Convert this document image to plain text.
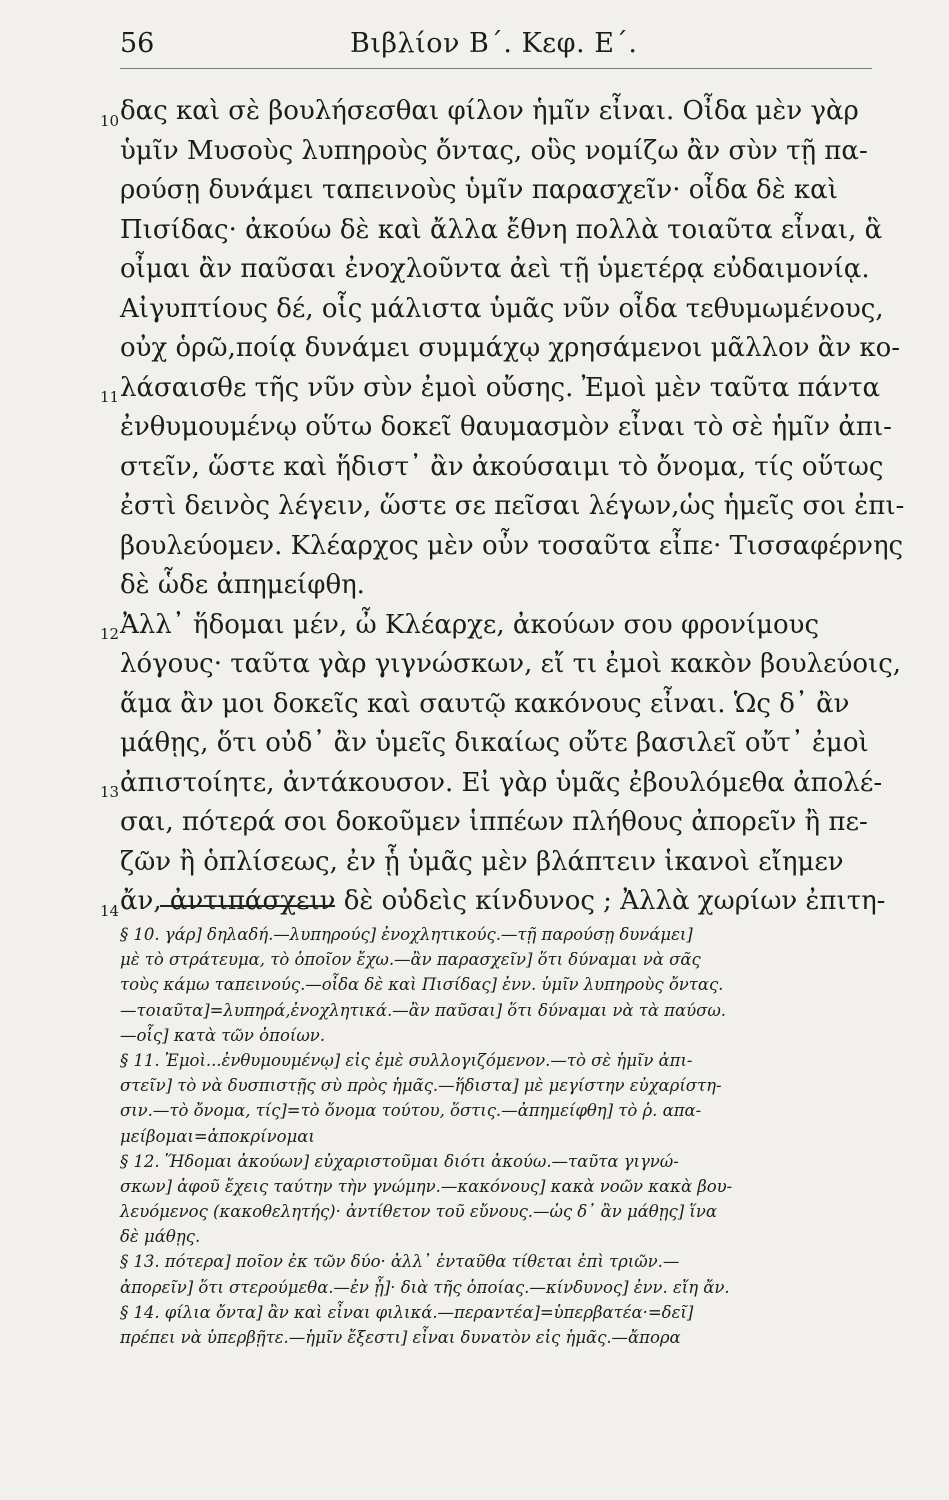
56	Βιβλίον Β΄. Κεφ. Ε΄.
10 δας καὶ σὲ βουλήσεσθαι φίλον ἡμῖν εἶναι. Οἶδα μὲν γὰρ
ὑμῖν Μυσοὺς λυπηροὺς ὄντας, οὓς νομίζω ἂν σὺν τῇ πα-
ρούσῃ δυνάμει ταπεινοὺς ὑμῖν παρασχεῖν· οἶδα δὲ καὶ
Πισίδας· ἀκούω δὲ καὶ ἄλλα ἔθνη πολλὰ τοιαῦτα εἶναι, ἃ
οἶμαι ἂν παῦσαι ἐνοχλοῦντα ἀεὶ τῇ ὑμετέρᾳ εὐδαιμονίᾳ.
Αἰγυπτίους δέ, οἷς μάλιστα ὑμᾶς νῦν οἶδα τεθυμωμένους,
οὐχ ὁρῶ,ποίᾳ δυνάμει συμμάχῳ χρησάμενοι μᾶλλον ἂν κο-
11 λάσαισθε τῆς νῦν σὺν ἐμοὶ οὔσης. Ἐμοὶ μὲν ταῦτα πάντα
ἐνθυμουμένῳ οὕτω δοκεῖ θαυμασμὸν εἶναι τὸ σὲ ἡμῖν ἀπι-
στεῖν, ὥστε καὶ ἥδιστ᾽ ἂν ἀκούσαιμι τὸ ὄνομα, τίς οὕτως
ἐστὶ δεινὸς λέγειν, ὥστε σε πεῖσαι λέγων,ὡς ἡμεῖς σοι ἐπι-
βουλεύομεν. Κλέαρχος μὲν οὖν τοσαῦτα εἶπε· Τισσαφέρνης
δὲ ὧδε ἀπημείφθη.
12 Ἀλλ᾽ ἥδομαι μέν, ὦ Κλέαρχε, ἀκούων σου φρονίμους
λόγους· ταῦτα γὰρ γιγνώσκων, εἴ τι ἐμοὶ κακὸν βουλεύοις,
ἅμα ἂν μοι δοκεῖς καὶ σαυτῷ κακόνους εἶναι. Ὡς δ᾽ ἂν
μάθῃς, ὅτι οὐδ᾽ ἂν ὑμεῖς δικαίως οὔτε βασιλεῖ οὔτ᾽ ἐμοὶ
13 ἀπιστοίητε, ἀντάκουσον. Εἰ γὰρ ὑμᾶς ἐβουλόμεθα ἀπολέ-
σαι, πότερά σοι δοκοῦμεν ἱππέων πλήθους ἀπορεῖν ἢ πε-
ζῶν ἢ ὁπλίσεως, ἐν ᾗ ὑμᾶς μὲν βλάπτειν ἱκανοὶ εἴημεν
14 ἄν, ἀντιπάσχειν δὲ οὐδεὶς κίνδυνος ; Ἀλλὰ χωρίων ἐπιτη-
§ 10. γάρ] δηλαδή.—λυπηρούς] ἐνοχλητικούς.—τῇ παρούσῃ δυνάμει]
μὲ τὸ στράτευμα, τὸ ὁποῖον ἔχω.—ἂν παρασχεῖν] ὅτι δύναμαι νὰ σᾶς
τοὺς κάμω ταπεινούς.—οἶδα δὲ καὶ Πισίδας] ἐνν. ὑμῖν λυπηροὺς ὄντας.
—τοιαῦτα]=λυπηρά,ἐνοχλητικά.—ἂν παῦσαι] ὅτι δύναμαι νὰ τὰ παύσω.
—οἷς] κατὰ τῶν ὁποίων.
§ 11. Ἐμοὶ...ἐνθυμουμένῳ] εἰς ἐμὲ συλλογιζόμενον.—τὸ σὲ ἡμῖν ἀπι-
στεῖν] τὸ νὰ δυσπιστῇς σὺ πρὸς ἡμᾶς.—ἥδιστα] μὲ μεγίστην εὐχαρίστη-
σιν.—τὸ ὄνομα, τίς]=τὸ ὄνομα τούτου, ὅστις.—ἀπημείφθη] τὸ ῥ. απα-
μείβομαι=ἀποκρίνομαι
§ 12. Ἥδομαι ἀκούων] εὐχαριστοῦμαι διότι ἀκούω.—ταῦτα γιγνώ-
σκων] ἀφοῦ ἔχεις ταύτην τὴν γνώμην.—κακόνους] κακὰ νοῶν κακὰ βου-
λευόμενος (κακοθελητής)· ἀντίθετον τοῦ εὔνους.—ὡς δ᾽ ἂν μάθῃς] ἵνα
δὲ μάθῃς.
§ 13. πότερα] ποῖον ἐκ τῶν δύο· ἀλλ᾽ ἐνταῦθα τίθεται ἐπὶ τριῶν.—
ἀπορεῖν] ὅτι στερούμεθα.—ἐν ᾗ]· διὰ τῆς ὁποίας.—κίνδυνος] ἐνν. εἴη ἄν.
§ 14. φίλια ὄντα] ἂν καὶ εἶναι φιλικά.—περαντέα]=ὑπερβατέα·=δεῖ]
πρέπει νὰ ὑπερβῇτε.—ἡμῖν ἔξεστι] εἶναι δυνατὸν εἰς ἡμᾶς.—ἄπορα
